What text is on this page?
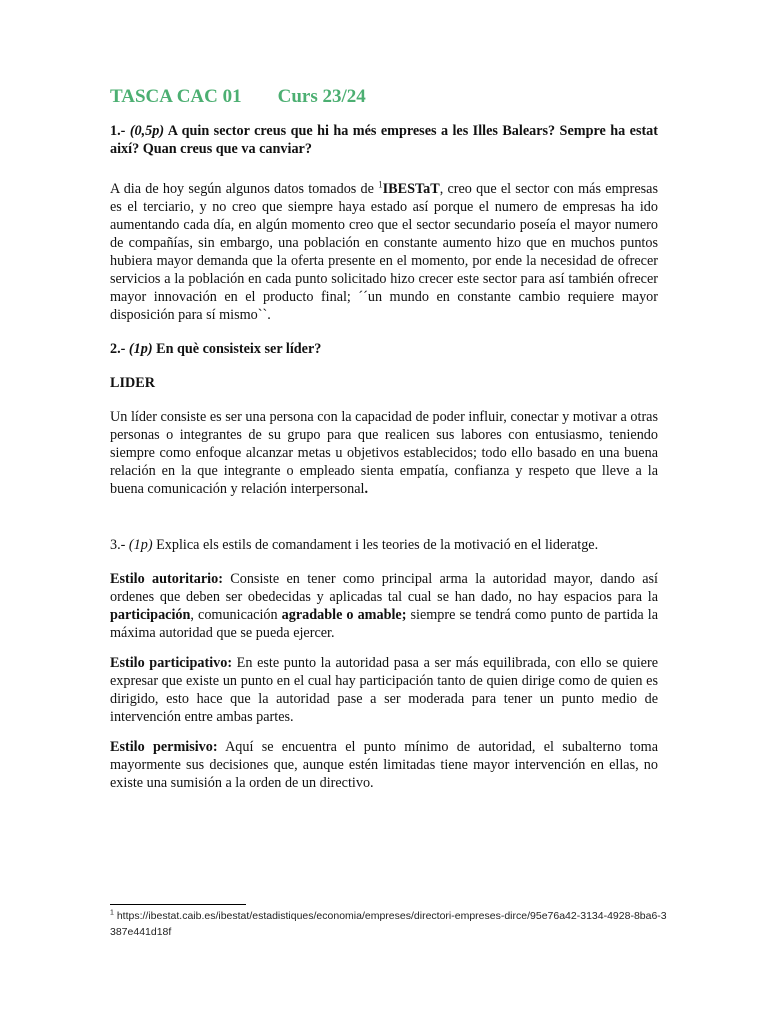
TASCA CAC 01 Curs 23/24

1.- (0,5p) A quin sector creus que hi ha més empreses a les Illes Balears? Sempre ha estat així? Quan creus que va canviar?

A dia de hoy según algunos datos tomados de $^1$IBESTaT, creo que el sector con más empresas es el terciario, y no creo que siempre haya estado así porque el numero de empresas ha ido aumentando cada día, en algún momento creo que el sector secundario poseía el mayor numero de compañías, sin embargo, una población en constante aumento hizo que en muchos puntos hubiera mayor demanda que la oferta presente en el momento, por ende la necesidad de ofrecer servicios a la población en cada punto solicitado hizo crecer este sector para así también ofrecer mayor innovación en el producto final; ´´un mundo en constante cambio requiere mayor disposición para sí mismo``.

2.- (1p) En què consisteix ser líder?

LIDER

Un líder consiste es ser una persona con la capacidad de poder influir, conectar y motivar a otras personas o integrantes de su grupo para que realicen sus labores con entusiasmo, teniendo siempre como enfoque alcanzar metas u objetivos establecidos; todo ello basado en una buena relación en la que integrante o empleado sienta empatía, confianza y respeto que lleve a la buena comunicación y relación interpersonal.

3.- (1p) Explica els estils de comandament i les teories de la motivació en el lideratge.

Estilo autoritario: Consiste en tener como principal arma la autoridad mayor, dando así ordenes que deben ser obedecidas y aplicadas tal cual se han dado, no hay espacios para la participación, comunicación agradable o amable; siempre se tendrá como punto de partida la máxima autoridad que se pueda ejercer.

Estilo participativo: En este punto la autoridad pasa a ser más equilibrada, con ello se quiere expresar que existe un punto en el cual hay participación tanto de quien dirige como de quien es dirigido, esto hace que la autoridad pase a ser moderada para tener un punto medio de intervención entre ambas partes.

Estilo permisivo: Aquí se encuentra el punto mínimo de autoridad, el subalterno toma mayormente sus decisiones que, aunque estén limitadas tiene mayor intervención en ellas, no existe una sumisión a la orden de un directivo.

$^1$ https://ibestat.caib.es/ibestat/estadistiques/economia/empreses/directori-empreses-dirce/95e76a42-3134-4928-8ba6-3387e441d18f
